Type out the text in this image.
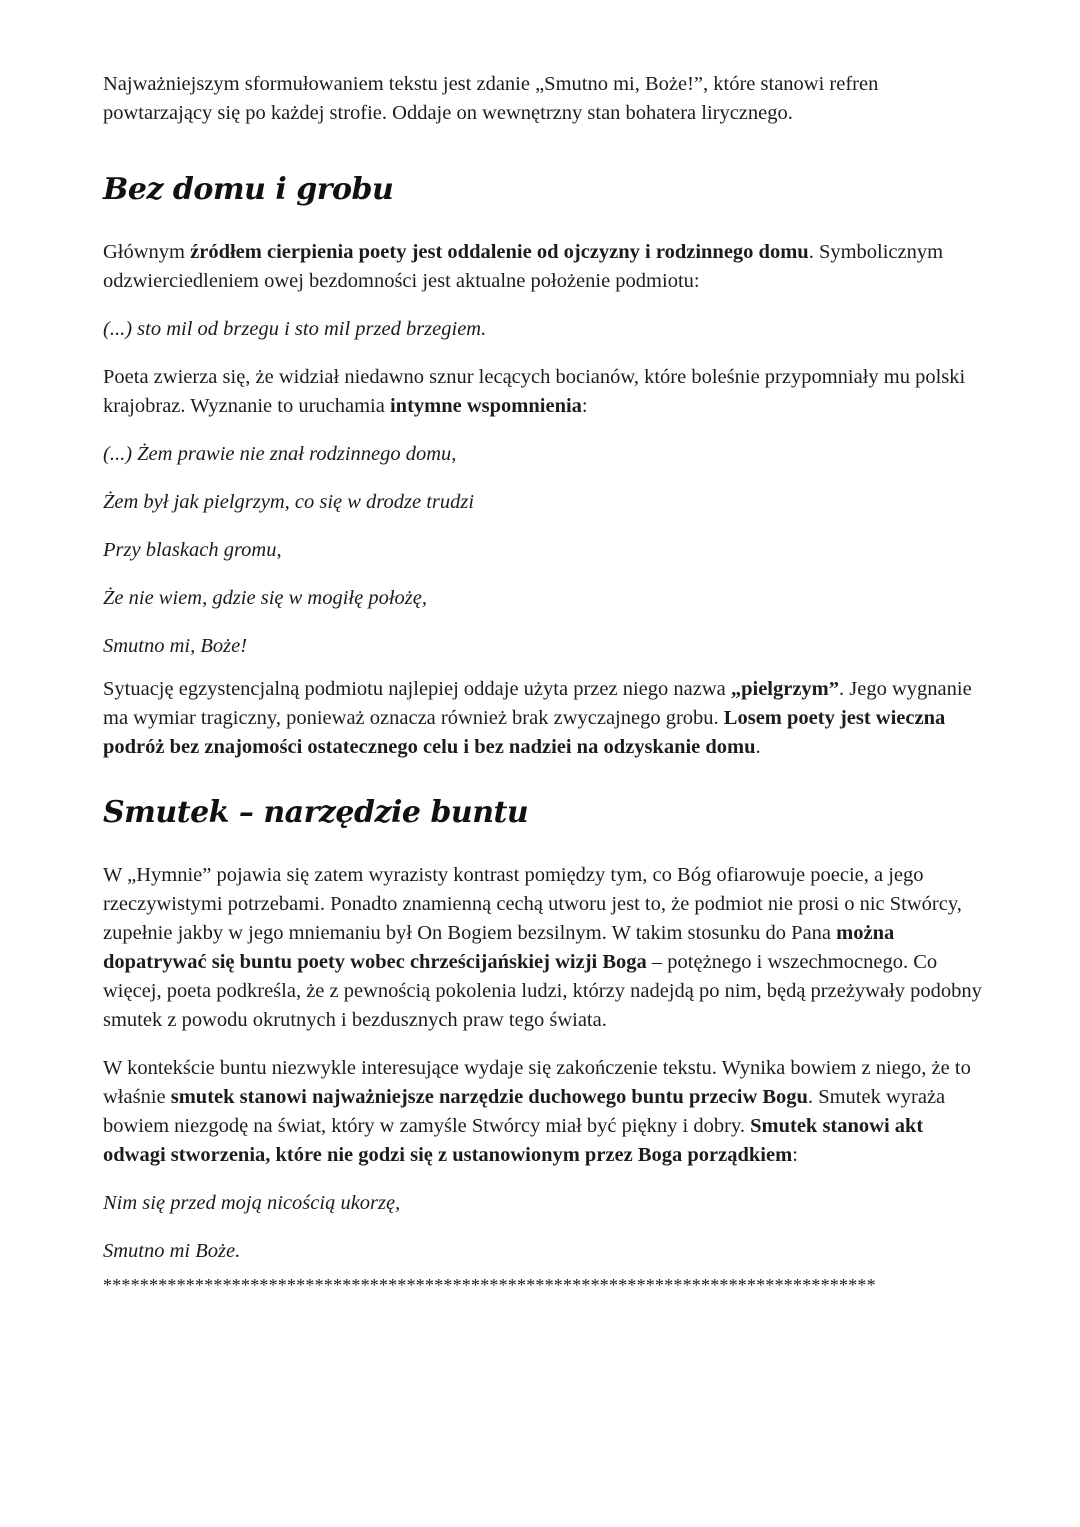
Najważniejszym sformułowaniem tekstu jest zdanie „Smutno mi, Boże!”, które stanowi refren powtarzający się po każdej strofie. Oddaje on wewnętrzny stan bohatera lirycznego.

Bez domu i grobu

Głównym źródłem cierpienia poety jest oddalenie od ojczyzny i rodzinnego domu. Symbolicznym odzwierciedleniem owej bezdomności jest aktualne położenie podmiotu:

(...) sto mil od brzegu i sto mil przed brzegiem.

Poeta zwierza się, że widział niedawno sznur lecących bocianów, które boleśnie przypomniały mu polski krajobraz. Wyznanie to uruchamia intymne wspomnienia:

(...) Żem prawie nie znał rodzinnego domu,

Żem był jak pielgrzym, co się w drodze trudzi

Przy blaskach gromu,

Że nie wiem, gdzie się w mogiłę położę,

Smutno mi, Boże!

Sytuację egzystencjalną podmiotu najlepiej oddaje użyta przez niego nazwa „pielgrzym”. Jego wygnanie ma wymiar tragiczny, ponieważ oznacza również brak zwyczajnego grobu. Losem poety jest wieczna podróż bez znajomości ostatecznego celu i bez nadziei na odzyskanie domu.

Smutek – narzędzie buntu

W „Hymnie” pojawia się zatem wyrazisty kontrast pomiędzy tym, co Bóg ofiarowuje poecie, a jego rzeczywistymi potrzebami. Ponadto znamienną cechą utworu jest to, że podmiot nie prosi o nic Stwórcy, zupełnie jakby w jego mniemaniu był On Bogiem bezsilnym. W takim stosunku do Pana można dopatrywać się buntu poety wobec chrześcijańskiej wizji Boga – potężnego i wszechmocnego. Co więcej, poeta podkreśla, że z pewnością pokolenia ludzi, którzy nadejdą po nim, będą przeżywały podobny smutek z powodu okrutnych i bezdusznych praw tego świata.

W kontekście buntu niezwykle interesujące wydaje się zakończenie tekstu. Wynika bowiem z niego, że to właśnie smutek stanowi najważniejsze narzędzie duchowego buntu przeciw Bogu. Smutek wyraża bowiem niezgodę na świat, który w zamyśle Stwórcy miał być piękny i dobry. Smutek stanowi akt odwagi stworzenia, które nie godzi się z ustanowionym przez Boga porządkiem:

Nim się przed moją nicością ukorzę,

Smutno mi Boże.

************************************************************************************
